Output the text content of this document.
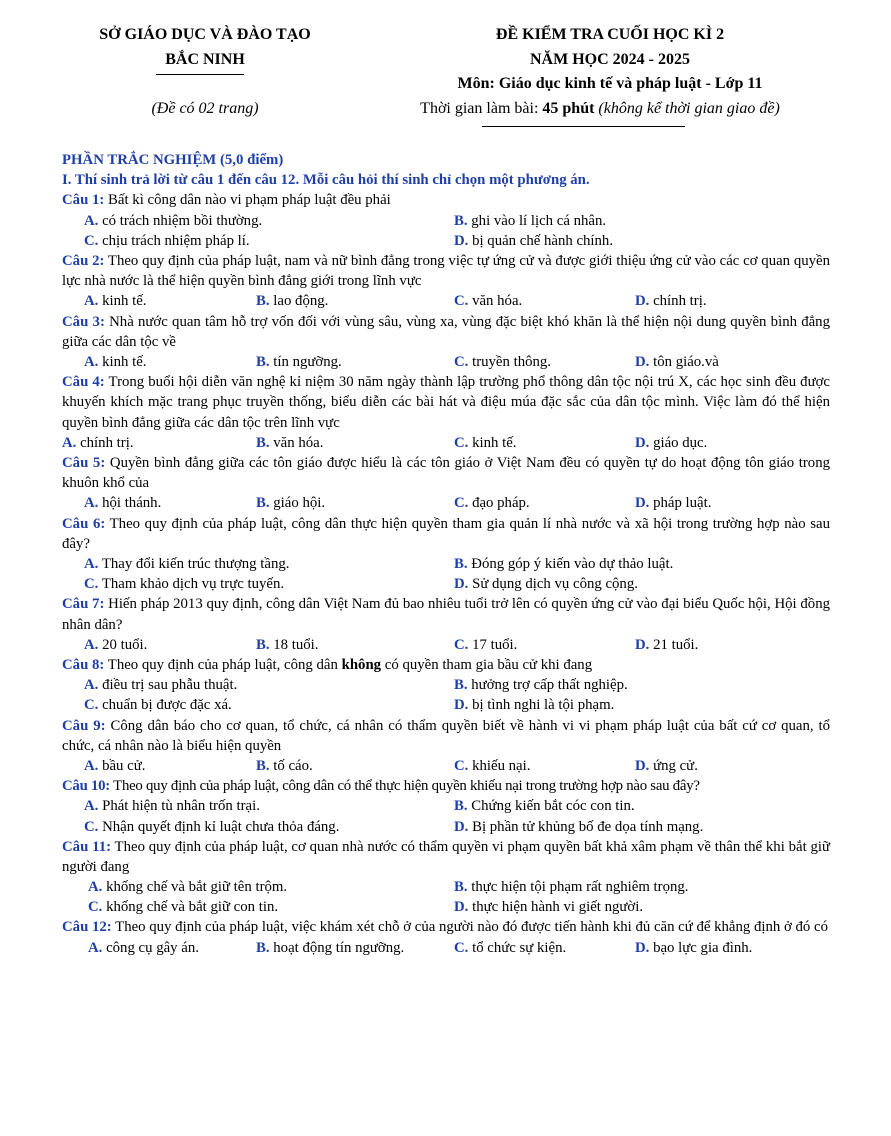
SỞ GIÁO DỤC VÀ ĐÀO TẠO
BẮC NINH
ĐỀ KIỂM TRA CUỐI HỌC KÌ 2
NĂM HỌC 2024 - 2025
Môn: Giáo dục kinh tế và pháp luật - Lớp 11
(Đề có 02 trang)	Thời gian làm bài: 45 phút (không kể thời gian giao đề)
PHẦN TRẮC NGHIỆM (5,0 điểm)
I. Thí sinh trả lời từ câu 1 đến câu 12. Mỗi câu hỏi thí sinh chỉ chọn một phương án.
Câu 1: Bất kì công dân nào vi phạm pháp luật đều phải
A. có trách nhiệm bồi thường.	B. ghi vào lí lịch cá nhân.
C. chịu trách nhiệm pháp lí.	D. bị quản chế hành chính.
Câu 2: Theo quy định của pháp luật, nam và nữ bình đẳng trong việc tự ứng cử và được giới thiệu ứng cử vào các cơ quan quyền lực nhà nước là thể hiện quyền bình đẳng giới trong lĩnh vực
A. kinh tế.	B. lao động.	C. văn hóa.	D. chính trị.
Câu 3: Nhà nước quan tâm hỗ trợ vốn đối với vùng sâu, vùng xa, vùng đặc biệt khó khăn là thể hiện nội dung quyền bình đẳng giữa các dân tộc về
A. kinh tế.	B. tín ngưỡng.	C. truyền thông.	D. tôn giáo.và
Câu 4: Trong buổi hội diễn văn nghệ kỉ niệm 30 năm ngày thành lập trường phổ thông dân tộc nội trú X, các học sinh đều được khuyến khích mặc trang phục truyền thống, biểu diễn các bài hát và điệu múa đặc sắc của dân tộc mình. Việc làm đó thể hiện quyền bình đẳng giữa các dân tộc trên lĩnh vực
A. chính trị.	B. văn hóa.	C. kinh tế.	D. giáo dục.
Câu 5: Quyền bình đẳng giữa các tôn giáo được hiểu là các tôn giáo ở Việt Nam đều có quyền tự do hoạt động tôn giáo trong khuôn khổ của
A. hội thánh.	B. giáo hội.	C. đạo pháp.	D. pháp luật.
Câu 6: Theo quy định của pháp luật, công dân thực hiện quyền tham gia quản lí nhà nước và xã hội trong trường hợp nào sau đây?
A. Thay đổi kiến trúc thượng tầng.	B. Đóng góp ý kiến vào dự thảo luật.
C. Tham khảo dịch vụ trực tuyến.	D. Sử dụng dịch vụ công cộng.
Câu 7: Hiến pháp 2013 quy định, công dân Việt Nam đủ bao nhiêu tuổi trở lên có quyền ứng cử vào đại biểu Quốc hội, Hội đồng nhân dân?
A. 20 tuổi.	B. 18 tuổi.	C. 17 tuổi.	D. 21 tuổi.
Câu 8: Theo quy định của pháp luật, công dân không có quyền tham gia bầu cử khi đang
A. điều trị sau phẫu thuật.	B. hưởng trợ cấp thất nghiệp.
C. chuẩn bị được đặc xá.	D. bị tình nghi là tội phạm.
Câu 9: Công dân báo cho cơ quan, tổ chức, cá nhân có thẩm quyền biết về hành vi vi phạm pháp luật của bất cứ cơ quan, tổ chức, cá nhân nào là biểu hiện quyền
A. bầu cử.	B. tố cáo.	C. khiếu nại.	D. ứng cử.
Câu 10: Theo quy định của pháp luật, công dân có thể thực hiện quyền khiếu nại trong trường hợp nào sau đây?
A. Phát hiện tù nhân trốn trại.	B. Chứng kiến bắt cóc con tin.
C. Nhận quyết định kỉ luật chưa thỏa đáng.	D. Bị phần tử khủng bố đe dọa tính mạng.
Câu 11: Theo quy định của pháp luật, cơ quan nhà nước có thẩm quyền vi phạm quyền bất khả xâm phạm về thân thể khi bắt giữ người đang
A. khống chế và bắt giữ tên trộm.	B. thực hiện tội phạm rất nghiêm trọng.
C. khống chế và bắt giữ con tin.	D. thực hiện hành vi giết người.
Câu 12: Theo quy định của pháp luật, việc khám xét chỗ ở của người nào đó được tiến hành khi đủ căn cứ để khẳng định ở đó có
A. công cụ gây án.	B. hoạt động tín ngưỡng.	C. tổ chức sự kiện.	D. bạo lực gia đình.
